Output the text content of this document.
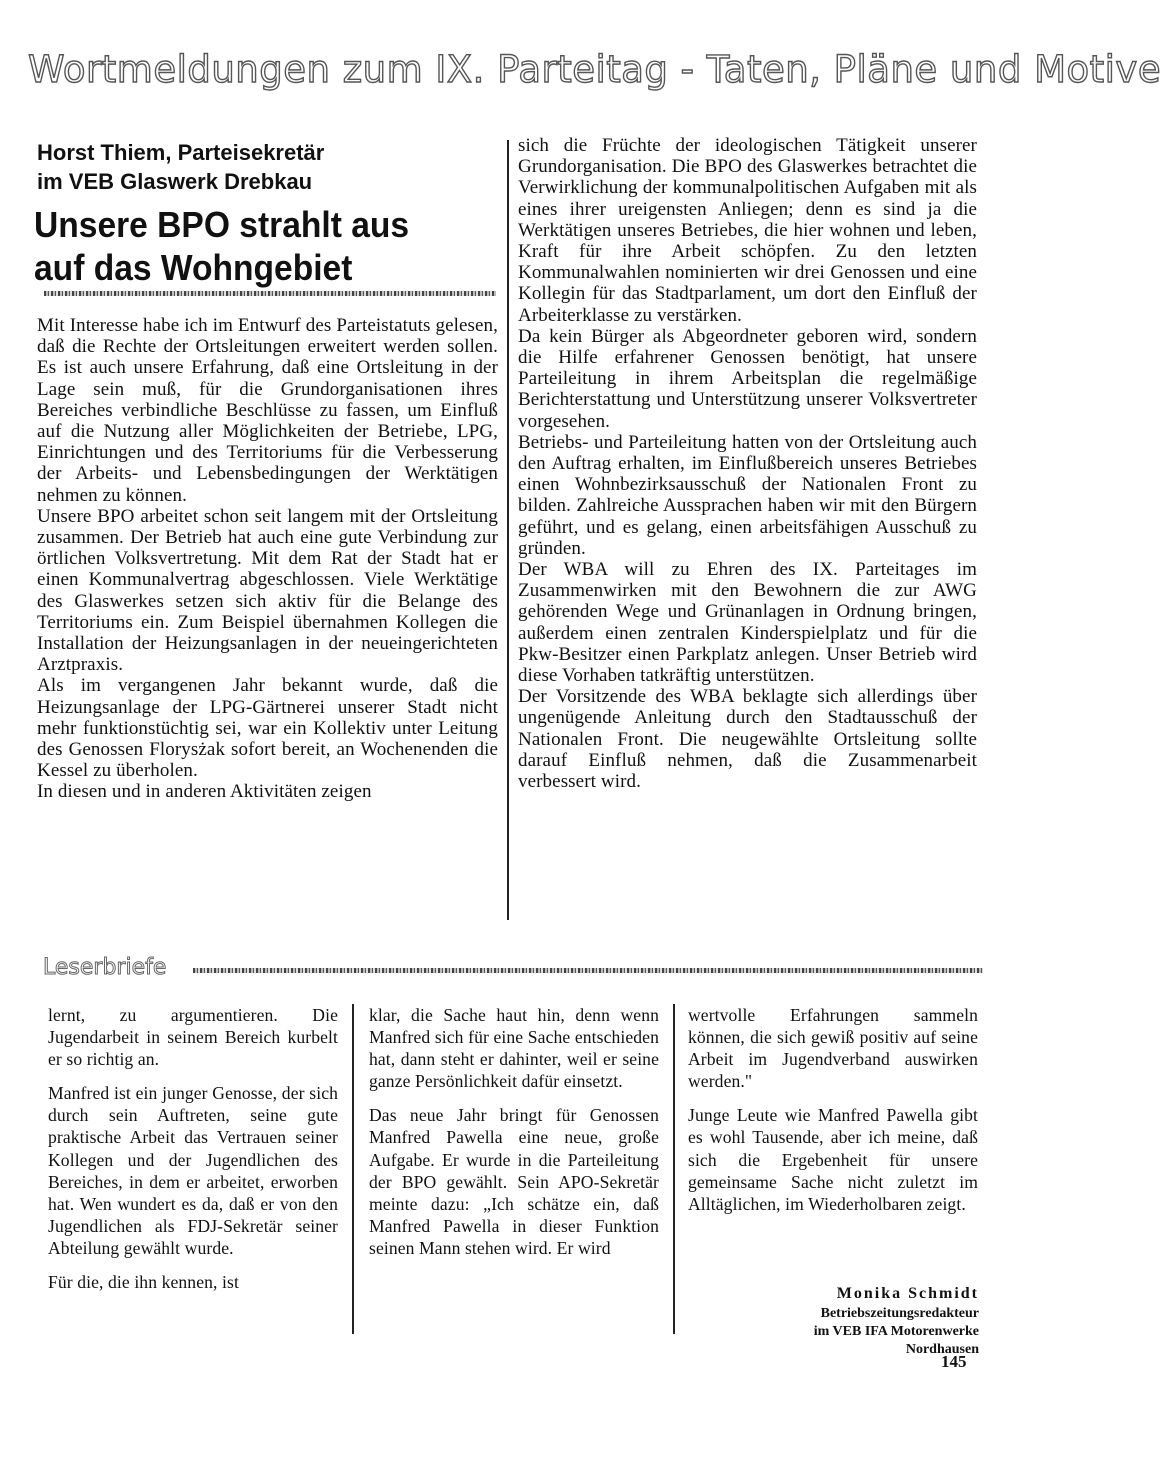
Wortmeldungen zum IX. Parteitag - Taten, Pläne und Motive
Horst Thiem, Parteisekretär
im VEB Glaswerk Drebkau
Unsere BPO strahlt aus
auf das Wohngebiet

Mit Interesse habe ich im Entwurf des Parteistatuts gelesen, daß die Rechte der Ortsleitungen erweitert werden sollen. Es ist auch unsere Erfahrung, daß eine Ortsleitung in der Lage sein muß, für die Grundorganisationen ihres Bereiches verbindliche Beschlüsse zu fassen, um Einfluß auf die Nutzung aller Möglichkeiten der Betriebe, LPG, Einrichtungen und des Territoriums für die Verbesserung der Arbeits- und Lebensbedingungen der Werktätigen nehmen zu können.

Unsere BPO arbeitet schon seit langem mit der Ortsleitung zusammen. Der Betrieb hat auch eine gute Verbindung zur örtlichen Volksvertretung. Mit dem Rat der Stadt hat er einen Kommunalvertrag abgeschlossen. Viele Werktätige des Glaswerkes setzen sich aktiv für die Belange des Territoriums ein. Zum Beispiel übernahmen Kollegen die Installation der Heizungsanlagen in der neueingerichteten Arztpraxis.

Als im vergangenen Jahr bekannt wurde, daß die Heizungsanlage der LPG-Gärtnerei unserer Stadt nicht mehr funktionstüchtig sei, war ein Kollektiv unter Leitung des Genossen Florysżak sofort bereit, an Wochenenden die Kessel zu überholen.

In diesen und in anderen Aktivitäten zeigen

sich die Früchte der ideologischen Tätigkeit unserer Grundorganisation. Die BPO des Glaswerkes betrachtet die Verwirklichung der kommunalpolitischen Aufgaben mit als eines ihrer ureigensten Anliegen; denn es sind ja die Werktätigen unseres Betriebes, die hier wohnen und leben, Kraft für ihre Arbeit schöpfen. Zu den letzten Kommunalwahlen nominierten wir drei Genossen und eine Kollegin für das Stadtparlament, um dort den Einfluß der Arbeiterklasse zu verstärken.

Da kein Bürger als Abgeordneter geboren wird, sondern die Hilfe erfahrener Genossen benötigt, hat unsere Parteileitung in ihrem Arbeitsplan die regelmäßige Berichterstattung und Unterstützung unserer Volksvertreter vorgesehen.

Betriebs- und Parteileitung hatten von der Ortsleitung auch den Auftrag erhalten, im Einflußbereich unseres Betriebes einen Wohnbezirksausschuß der Nationalen Front zu bilden. Zahlreiche Aussprachen haben wir mit den Bürgern geführt, und es gelang, einen arbeitsfähigen Ausschuß zu gründen.

Der WBA will zu Ehren des IX. Parteitages im Zusammenwirken mit den Bewohnern die zur AWG gehörenden Wege und Grünanlagen in Ordnung bringen, außerdem einen zentralen Kinderspielplatz und für die Pkw-Besitzer einen Parkplatz anlegen. Unser Betrieb wird diese Vorhaben tatkräftig unterstützen.

Der Vorsitzende des WBA beklagte sich allerdings über ungenügende Anleitung durch den Stadtausschuß der Nationalen Front. Die neugewählte Ortsleitung sollte darauf Einfluß nehmen, daß die Zusammenarbeit verbessert wird.

Leserbriefe

lernt, zu argumentieren. Die Jugendarbeit in seinem Bereich kurbelt er so richtig an.

Manfred ist ein junger Genosse, der sich durch sein Auftreten, seine gute praktische Arbeit das Vertrauen seiner Kollegen und der Jugendlichen des Bereiches, in dem er arbeitet, erworben hat. Wen wundert es da, daß er von den Jugendlichen als FDJ-Sekretär seiner Abteilung gewählt wurde.

Für die, die ihn kennen, ist

klar, die Sache haut hin, denn wenn Manfred sich für eine Sache entschieden hat, dann steht er dahinter, weil er seine ganze Persönlichkeit dafür einsetzt.

Das neue Jahr bringt für Genossen Manfred Pawella eine neue, große Aufgabe. Er wurde in die Parteileitung der BPO gewählt. Sein APO-Sekretär meinte dazu: „Ich schätze ein, daß Manfred Pawella in dieser Funktion seinen Mann stehen wird. Er wird

wertvolle Erfahrungen sammeln können, die sich gewiß positiv auf seine Arbeit im Jugendverband auswirken werden."

Junge Leute wie Manfred Pawella gibt es wohl Tausende, aber ich meine, daß sich die Ergebenheit für unsere gemeinsame Sache nicht zuletzt im Alltäglichen, im Wiederholbaren zeigt.

Monika Schmidt
Betriebszeitungsredakteur
im VEB IFA Motorenwerke
Nordhausen
145
